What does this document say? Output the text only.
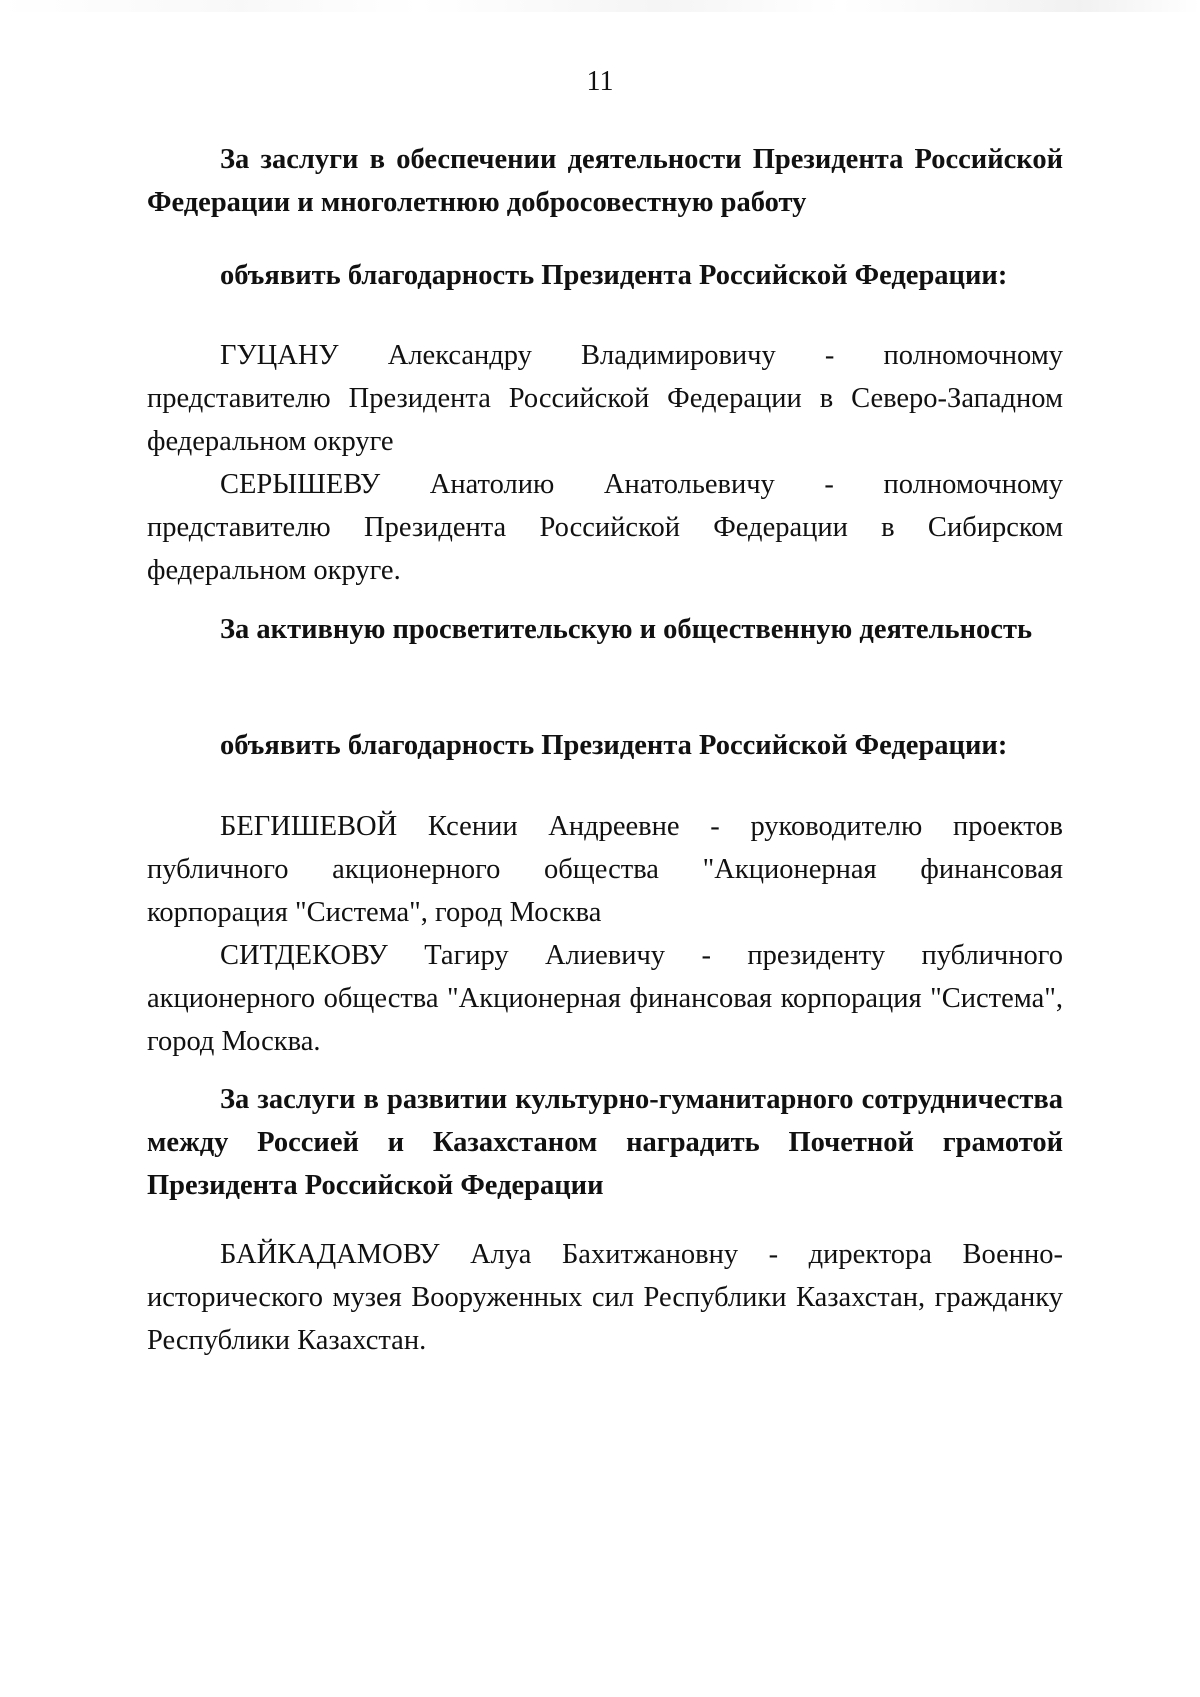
11

За заслуги в обеспечении деятельности Президента Российской Федерации и многолетнюю добросовестную работу

объявить благодарность Президента Российской Федерации:

ГУЦАНУ Александру Владимировичу - полномочному представителю Президента Российской Федерации в Северо-Западном федеральном округе

СЕРЫШЕВУ Анатолию Анатольевичу - полномочному представителю Президента Российской Федерации в Сибирском федеральном округе.

За активную просветительскую и общественную деятельность

объявить благодарность Президента Российской Федерации:

БЕГИШЕВОЙ Ксении Андреевне - руководителю проектов публичного акционерного общества "Акционерная финансовая корпорация "Система", город Москва

СИТДЕКОВУ Тагиру Алиевичу - президенту публичного акционерного общества "Акционерная финансовая корпорация "Система", город Москва.

За заслуги в развитии культурно-гуманитарного сотрудничества между Россией и Казахстаном наградить Почетной грамотой Президента Российской Федерации

БАЙКАДАМОВУ Алуа Бахитжановну - директора Военно-исторического музея Вооруженных сил Республики Казахстан, гражданку Республики Казахстан.
